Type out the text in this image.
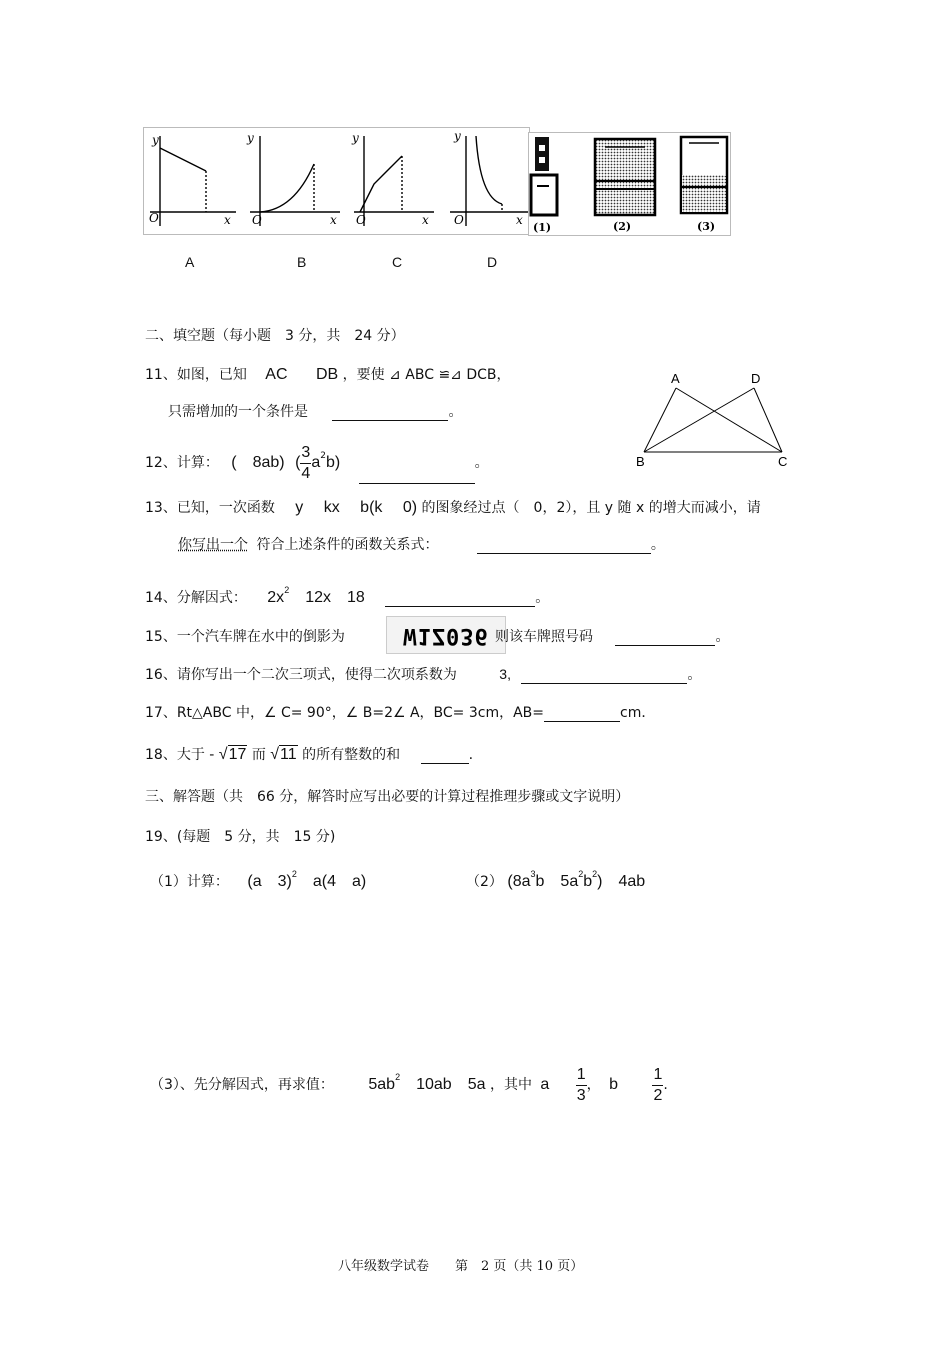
y
O	x
y
O	x
y
O	x
y
O	x
(1)	(2)	(3)
A	B	C	D
二、填空题（每小题　3 分，共　24 分）
11、如图，已知 AC DB ，要使 ⊿ ABC ≌⊿ DCB，
只需增加的一个条件是	。
A	D
B	C
12、计算： (　8ab) ( $\frac{3}{4} a^2b$)	。
13、已知，一次函数 y　 kx　 b(k　 0) 的图象经过点（　0，2），且 y 随 x 的增大而减小，请
你写出一个 符合上述条件的函数关系式：	。
14、分解因式： $2x^2$　12x　18	。
15、一个汽车牌在水中的倒影为	W1Z036 则该车牌照号码	。
16、请你写出一个二次三项式，使得二次项系数为	3,	。
17、Rt△ABC 中，∠ C= 90°，∠ B=2∠ A，BC= 3cm，AB=	cm．
18、大于 - √17 而 √11 的所有整数的和	.
三、解答题（共　66 分，解答时应写出必要的计算过程推理步骤或文字说明）
19、(每题　5 分，共　15 分)
（1）计算： (a　3)$^2$　a(4　a)	（2） ($8a^3b$　$5a^2b^2$)　4ab
（3）、先分解因式，再求值： $5ab^2$　10ab　5a ，其中 a $\frac{1}{3}$ ， b $\frac{1}{2}$ .
八年级数学试卷　　第　2 页（共 10 页）
